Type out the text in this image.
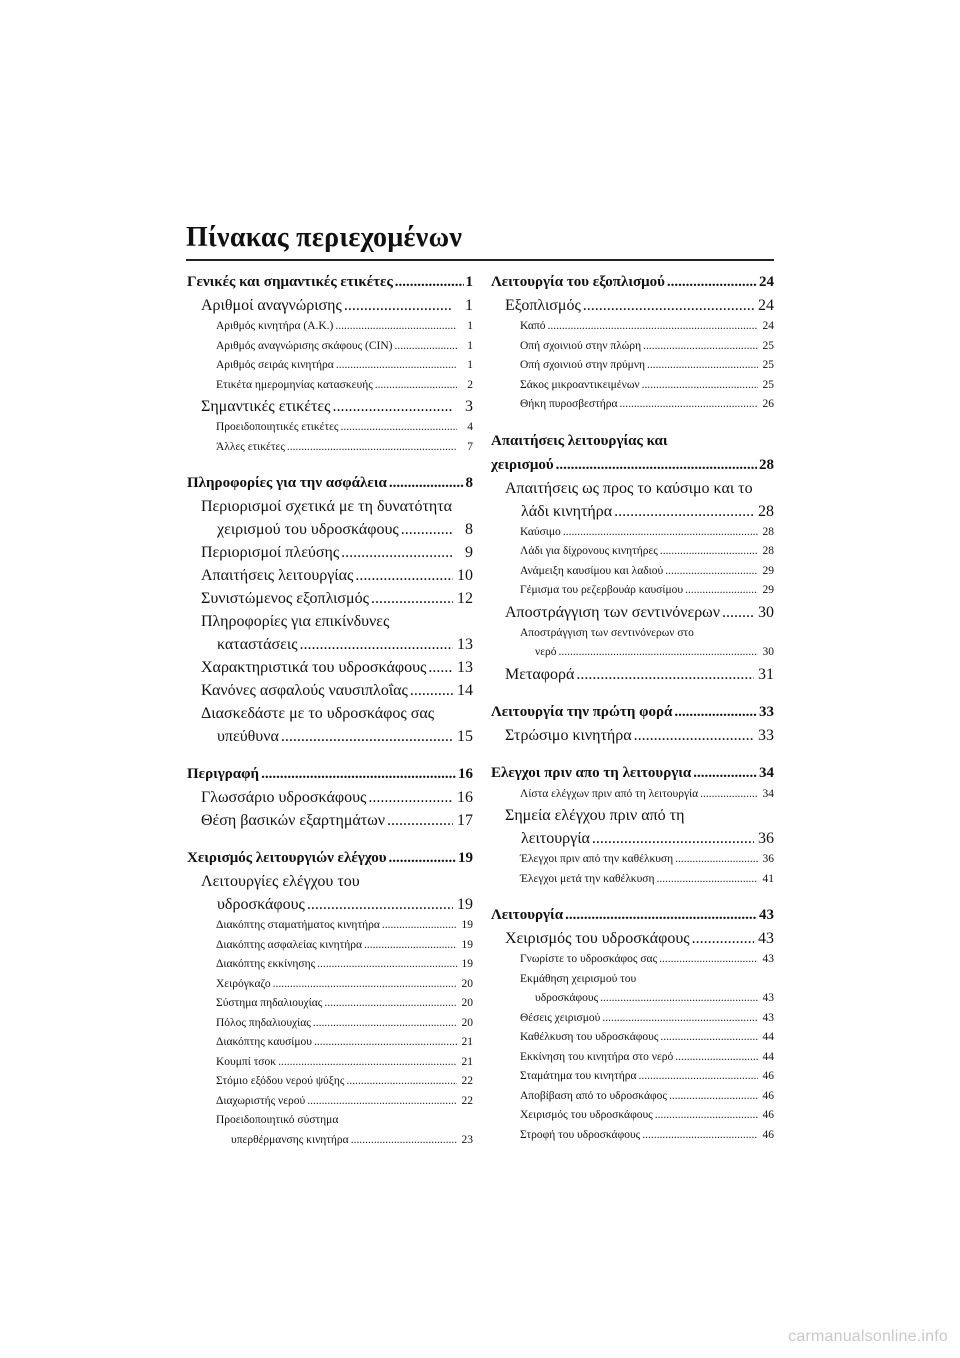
Πίνακας περιεχομένων
Γενικές και σημαντικές ετικέτες .....	1
Αριθμοί αναγνώρισης .....	1
Αριθμός κινητήρα (Α.Κ.) .....	1
Αριθμός αναγνώρισης σκάφους (CIN) .....	1
Αριθμός σειράς κινητήρα .....	1
Ετικέτα ημερομηνίας κατασκευής .....	2
Σημαντικές ετικέτες .....	3
Προειδοποιητικές ετικέτες .....	4
Άλλες ετικέτες .....	7
Πληροφορίες για την ασφάλεια .....	8
Περιορισμοί σχετικά με τη δυνατότητα
χειρισμού του υδροσκάφους .....	8
Περιορισμοί πλεύσης .....	9
Απαιτήσεις λειτουργίας .....	10
Συνιστώμενος εξοπλισμός .....	12
Πληροφορίες για επικίνδυνες
καταστάσεις .....	13
Χαρακτηριστικά του υδροσκάφους ..... 13
Κανόνες ασφαλούς ναυσιπλοΐας .....	14
Διασκεδάστε με το υδροσκάφος σας
υπεύθυνα .....	15
Περιγραφή .....	16
Γλωσσάριο υδροσκάφους .....	16
Θέση βασικών εξαρτημάτων .....	17
Χειρισμός λειτουργιών ελέγχου .....	19
Λειτουργίες ελέγχου του
υδροσκάφους .....	19
Διακόπτης σταματήματος κινητήρα .....	19
Διακόπτης ασφαλείας κινητήρα .....	19
Διακόπτης εκκίνησης .....	19
Χειρόγκαζο .....	20
Σύστημα πηδαλιουχίας .....	20
Πόλος πηδαλιουχίας .....	20
Διακόπτης καυσίμου .....	21
Κουμπί τσοκ .....	21
Στόμιο εξόδου νερού ψύξης .....	22
Διαχωριστής νερού .....	22
Προειδοποιητικό σύστημα
υπερθέρμανσης κινητήρα .....	23
Λειτουργία του εξοπλισμού .....	24
Εξοπλισμός .....	24
Καπό .....	24
Οπή σχοινιού στην πλώρη .....	25
Οπή σχοινιού στην πρύμνη .....	25
Σάκος μικροαντικειμένων .....	25
Θήκη πυροσβεστήρα .....	26
Απαιτήσεις λειτουργίας και
χειρισμού .....	28
Απαιτήσεις ως προς το καύσιμο και το
λάδι κινητήρα .....	28
Καύσιμο .....	28
Λάδι για δίχρονους κινητήρες .....	28
Ανάμειξη καυσίμου και λαδιού .....	29
Γέμισμα του ρεζερβουάρ καυσίμου .....	29
Αποστράγγιση των σεντινόνερων ..... 30
Αποστράγγιση των σεντινόνερων στο
νερό .....	30
Μεταφορά .....	31
Λειτουργία την πρώτη φορά .....	33
Στρώσιμο κινητήρα .....	33
Ελεγχοι πριν απο τη λειτουργια .....	34
Λίστα ελέγχων πριν από τη λειτουργία .....	34
Σημεία ελέγχου πριν από τη
λειτουργία .....	36
Έλεγχοι πριν από την καθέλκυση .....	36
Έλεγχοι μετά την καθέλκυση .....	41
Λειτουργία .....	43
Χειρισμός του υδροσκάφους .....	43
Γνωρίστε το υδροσκάφος σας .....	43
Εκμάθηση χειρισμού του
υδροσκάφους .....	43
Θέσεις χειρισμού .....	43
Καθέλκυση του υδροσκάφους .....	44
Εκκίνηση του κινητήρα στο νερό .....	44
Σταμάτημα του κινητήρα .....	46
Αποβίβαση από το υδροσκάφος .....	46
Χειρισμός του υδροσκάφους .....	46
Στροφή του υδροσκάφους .....	46
carmanualsonline.info
